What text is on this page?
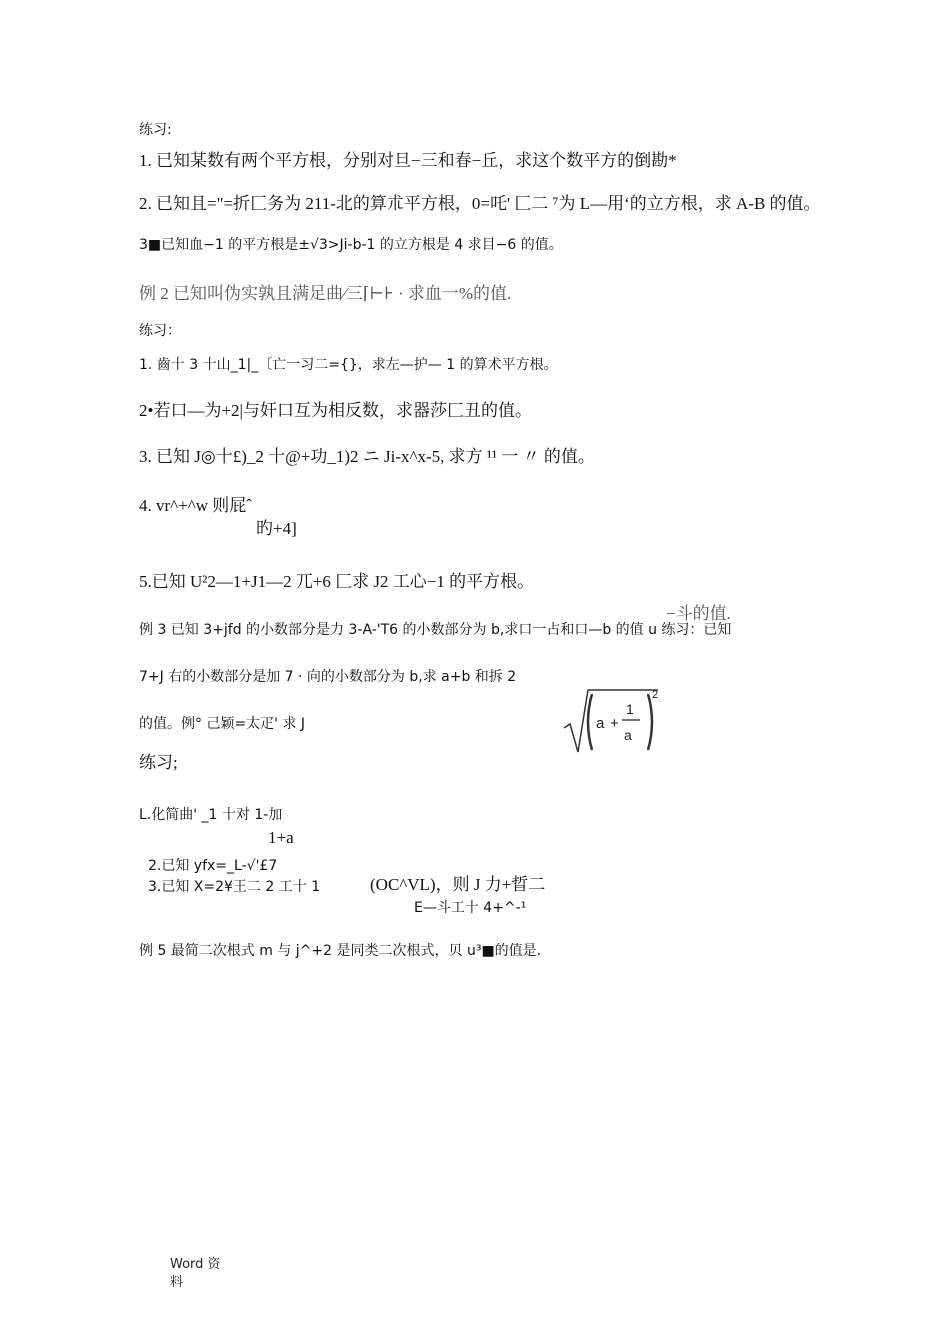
练习:
1. 已知某数有两个平方根，分别对旦−三和春−丘，求这个数平方的倒勘*
2. 已知且="=折匚务为 211-北的算朮平方根，0=吒' 匚二 ⁷为 L—用‘的立方根，求 A-B 的值。
3■已知血−1 的平方根是±√3>Ji-b-1 的立方根是 4 求目−6 的值。
例 2 已知叫伪实孰且满足曲⁄三⌈⊢⊦ · 求血一%的值.
练习：
1. 齒十 3 十山_1|_〔亡一习二={}，求左—护— 1 的算术平方根。
2•若口—为+2|与奸口互为相反数，求器莎匚丑的值。
3. 已知 J◎十£)_2 十@+功_1)2 ニ Ji-x^x-5, 求方 ¹¹ 一 〃 的值。
4. vr^+^w 则屁ˆ
旳+4]
5.已知 U²2—1+J1—2 兀+6 匚求 J2 工心−1 的平方根。
−斗的值.
例 3 已知 3+jfd 的小数部分是力 3-A-'T6 的小数部分为 b,求口一占和口—b 的值 u 练习：已知
7+J 右的小数部分是加 7 · 向的小数部分为 b,求 a+b 和拆 2
的值。例° 己颖=太疋' 求 J	a +
1
a
2
练习;
L.化简曲' _1 十对 1-加
1+a
2.已知 yfx=_L-√'£7
3.已知 X=2¥王二 2 工十 1	(OC^VL)，则 J 力+晢二
E—斗工十 4+^-¹
例 5 最简二次根式 m 与 j^+2 是同类二次根式，贝 u³■的值是.
Word 资
料
